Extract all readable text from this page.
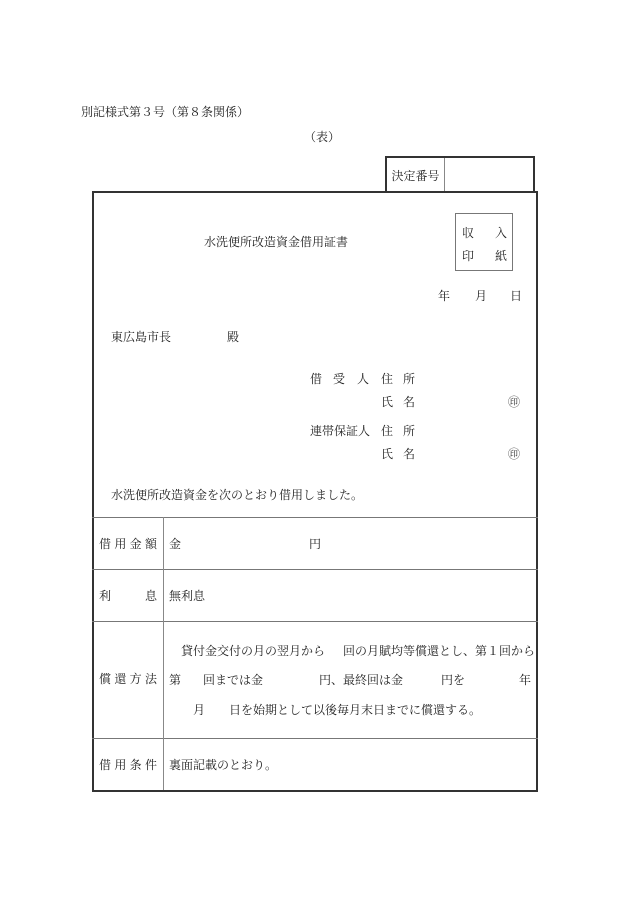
別記様式第３号（第８条関係）
（表）
決定番号
水洗便所改造資金借用証書
収 入
印 紙
年 月 日
東広島市長	殿
借 受 人 住 所
氏 名	㊞
連帯保証人 住 所
氏 名	㊞
水洗便所改造資金を次のとおり借用しました。
借 用 金 額 金	円
利	息 無利息
償 還 方 法
貸付金交付の月の翌月から 回の月賦均等償還とし、第１回から
第 回までは金	円、最終回は金	円を	年
月 日を始期として以後毎月末日までに償還する。
借 用 条 件 裏面記載のとおり。
